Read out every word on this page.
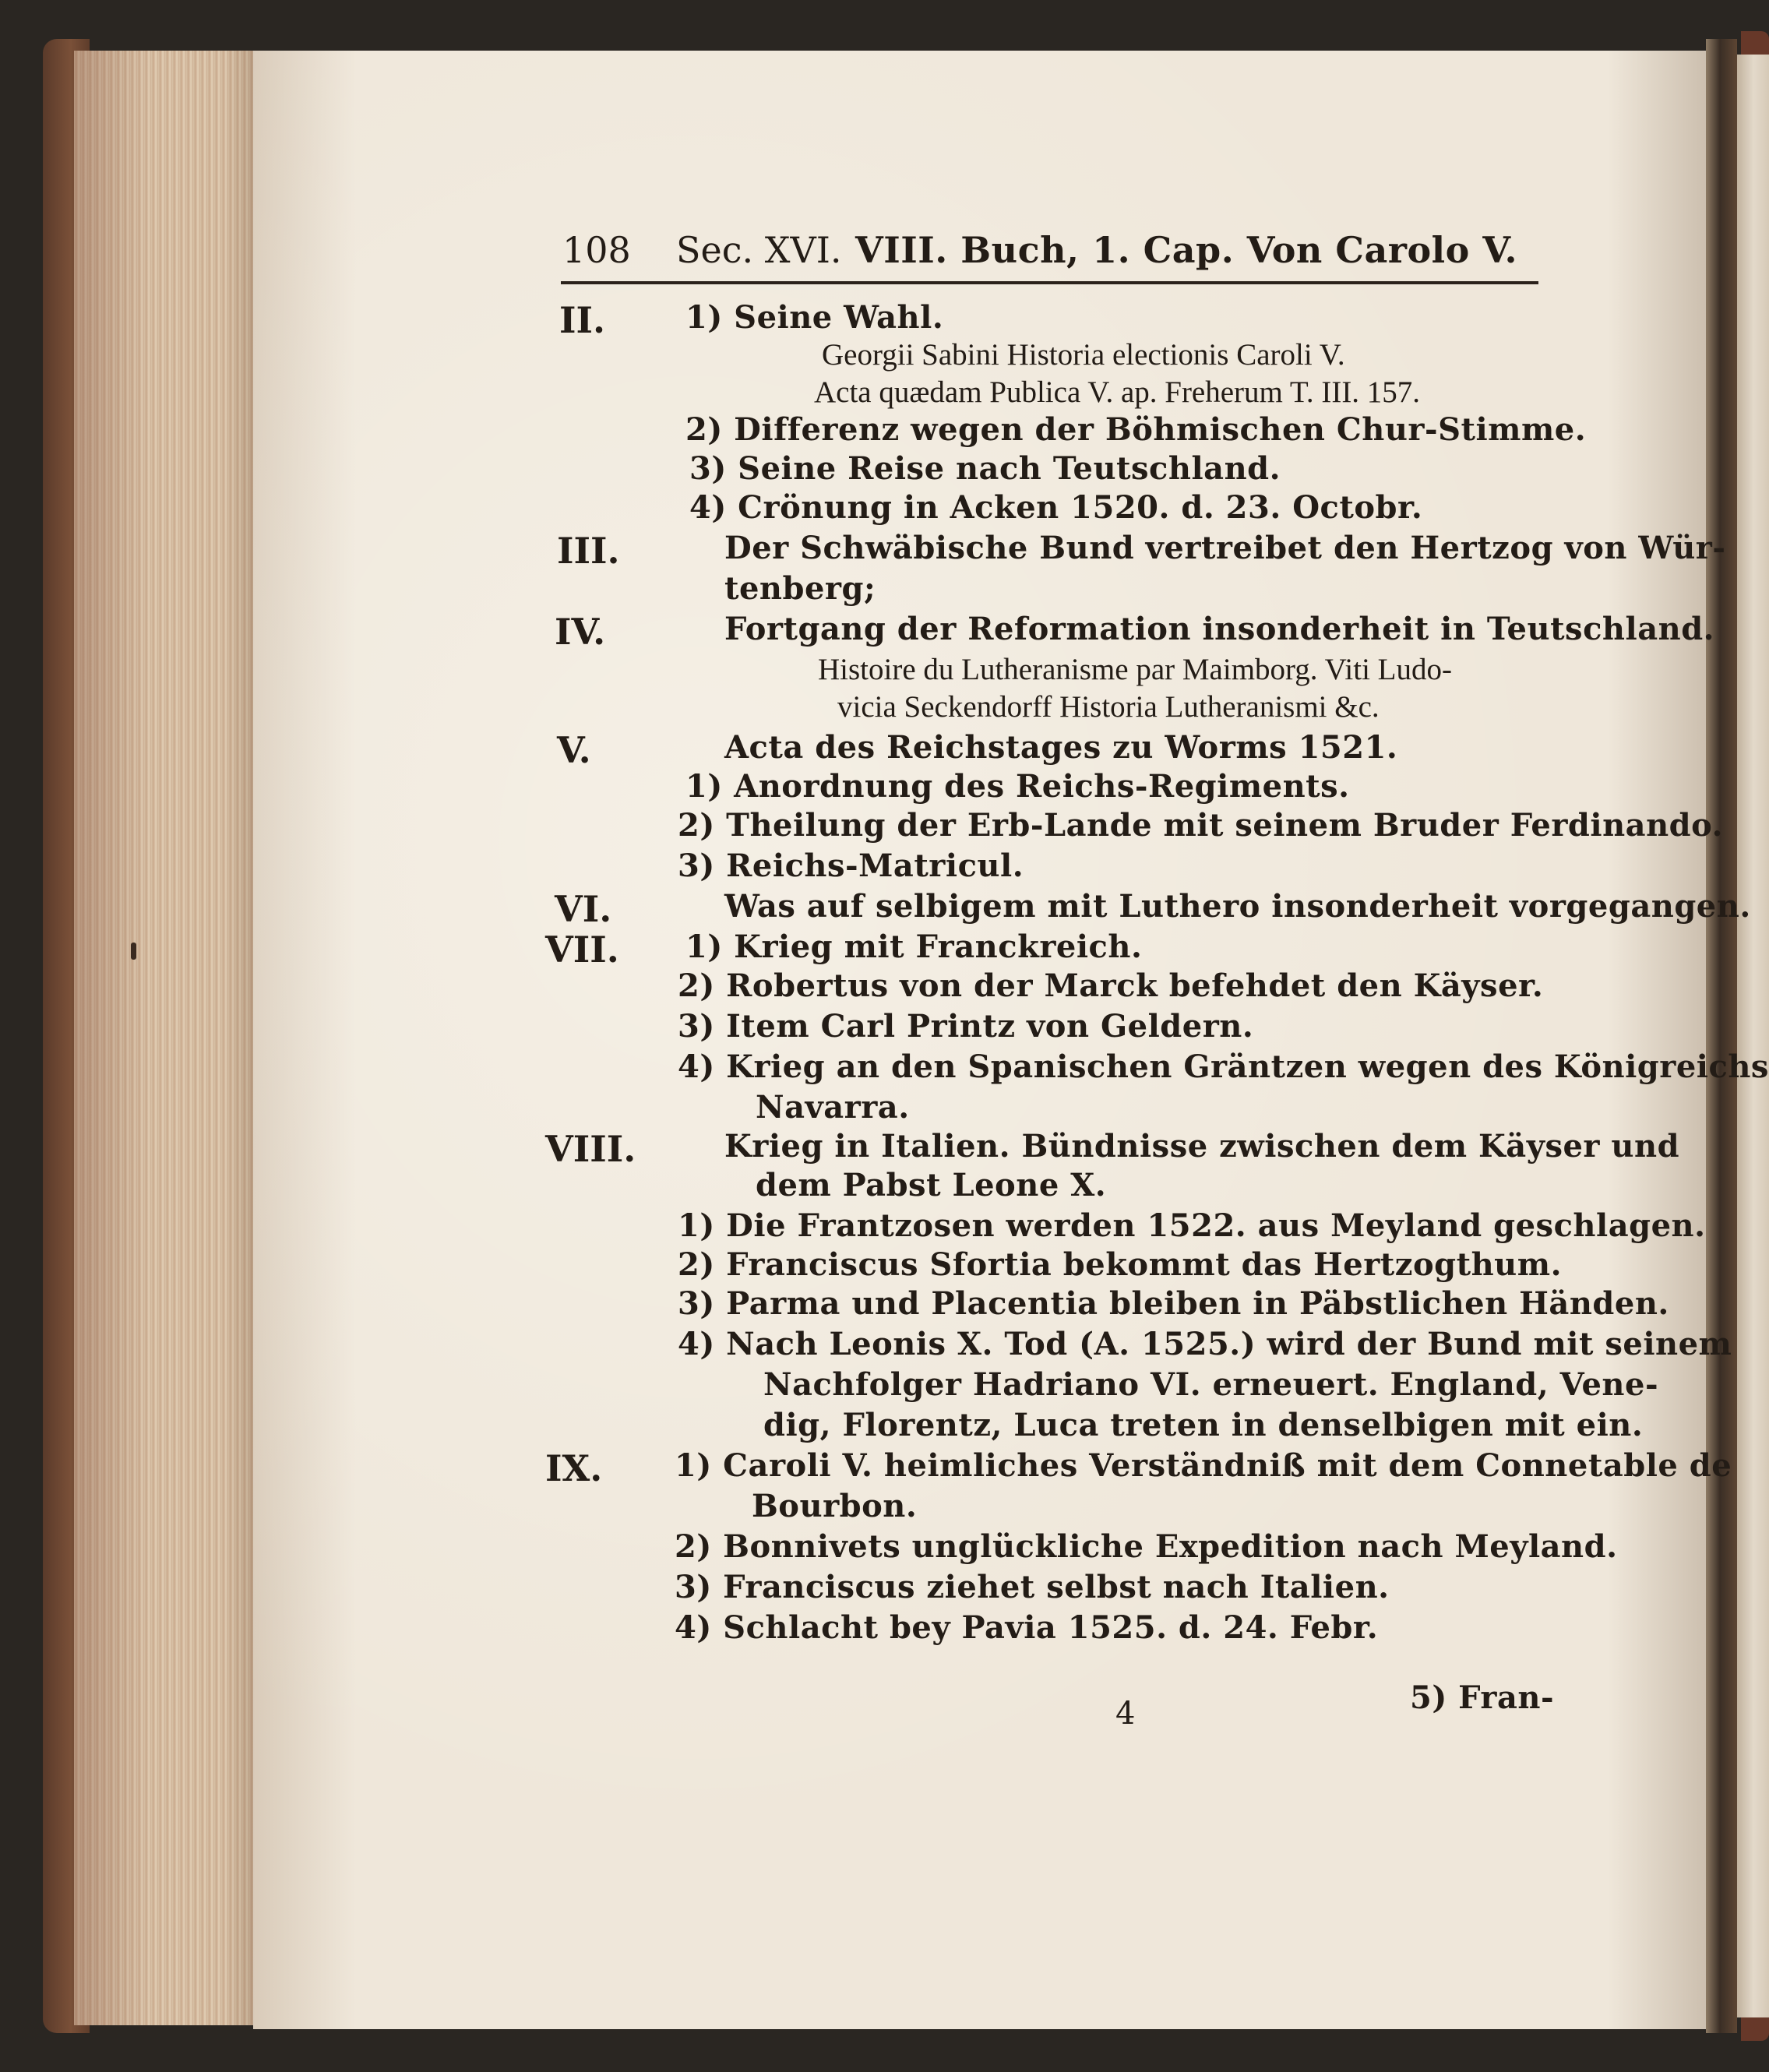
108 Sec. XVI. VIII. Buch, 1. Cap. Von Carolo V.
II.	1) Seine Wahl.
Georgii Sabini Historia electionis Caroli V.
Acta quædam Publica V. ap. Freherum T. III. 157.
2) Differenz wegen der Böhmischen Chur-Stimme.
3) Seine Reise nach Teutschland.
4) Crönung in Acken 1520. d. 23. Octobr.
III.	Der Schwäbische Bund vertreibet den Hertzog von Wür-
tenberg;
IV.	Fortgang der Reformation insonderheit in Teutschland.
Histoire du Lutheranisme par Maimborg. Viti Ludo-
vicia Seckendorff Historia Lutheranismi &c.
V.	Acta des Reichstages zu Worms 1521.
1) Anordnung des Reichs-Regiments.
2) Theilung der Erb-Lande mit seinem Bruder Ferdinando.
3) Reichs-Matricul.
VI.	Was auf selbigem mit Luthero insonderheit vorgegangen.
VII. 1) Krieg mit Franckreich.
2) Robertus von der Marck befehdet den Käyser.
3) Item Carl Printz von Geldern.
4) Krieg an den Spanischen Gräntzen wegen des Königreichs
Navarra.
VIII.	Krieg in Italien. Bündnisse zwischen dem Käyser und
dem Pabst Leone X.
1) Die Frantzosen werden 1522. aus Meyland geschlagen.
2) Franciscus Sfortia bekommt das Hertzogthum.
3) Parma und Placentia bleiben in Päbstlichen Händen.
4) Nach Leonis X. Tod (A. 1525.) wird der Bund mit seinem
Nachfolger Hadriano VI. erneuert. England, Vene-
dig, Florentz, Luca treten in denselbigen mit ein.
IX. 1) Caroli V. heimliches Verständniß mit dem Connetable de
Bourbon.
2) Bonnivets unglückliche Expedition nach Meyland.
3) Franciscus ziehet selbst nach Italien.
4) Schlacht bey Pavia 1525. d. 24. Febr.
4	5) Fran-
